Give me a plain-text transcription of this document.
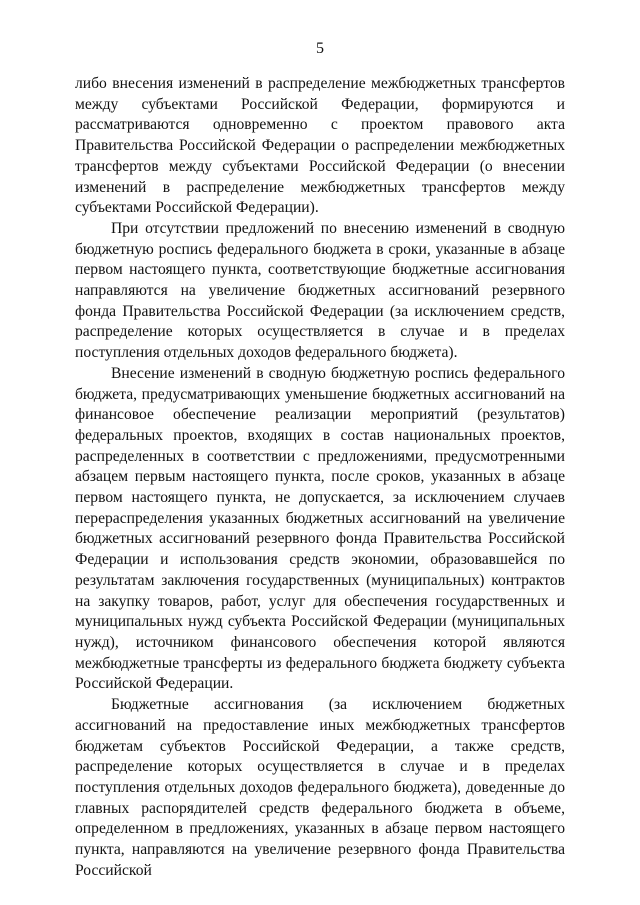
5

либо внесения изменений в распределение межбюджетных трансфертов между субъектами Российской Федерации, формируются и рассматриваются одновременно с проектом правового акта Правительства Российской Федерации о распределении межбюджетных трансфертов между субъектами Российской Федерации (о внесении изменений в распределение межбюджетных трансфертов между субъектами Российской Федерации).

При отсутствии предложений по внесению изменений в сводную бюджетную роспись федерального бюджета в сроки, указанные в абзаце первом настоящего пункта, соответствующие бюджетные ассигнования направляются на увеличение бюджетных ассигнований резервного фонда Правительства Российской Федерации (за исключением средств, распределение которых осуществляется в случае и в пределах поступления отдельных доходов федерального бюджета).

Внесение изменений в сводную бюджетную роспись федерального бюджета, предусматривающих уменьшение бюджетных ассигнований на финансовое обеспечение реализации мероприятий (результатов) федеральных проектов, входящих в состав национальных проектов, распределенных в соответствии с предложениями, предусмотренными абзацем первым настоящего пункта, после сроков, указанных в абзаце первом настоящего пункта, не допускается, за исключением случаев перераспределения указанных бюджетных ассигнований на увеличение бюджетных ассигнований резервного фонда Правительства Российской Федерации и использования средств экономии, образовавшейся по результатам заключения государственных (муниципальных) контрактов на закупку товаров, работ, услуг для обеспечения государственных и муниципальных нужд субъекта Российской Федерации (муниципальных нужд), источником финансового обеспечения которой являются межбюджетные трансферты из федерального бюджета бюджету субъекта Российской Федерации.

Бюджетные ассигнования (за исключением бюджетных ассигнований на предоставление иных межбюджетных трансфертов бюджетам субъектов Российской Федерации, а также средств, распределение которых осуществляется в случае и в пределах поступления отдельных доходов федерального бюджета), доведенные до главных распорядителей средств федерального бюджета в объеме, определенном в предложениях, указанных в абзаце первом настоящего пункта, направляются на увеличение резервного фонда Правительства Российской
